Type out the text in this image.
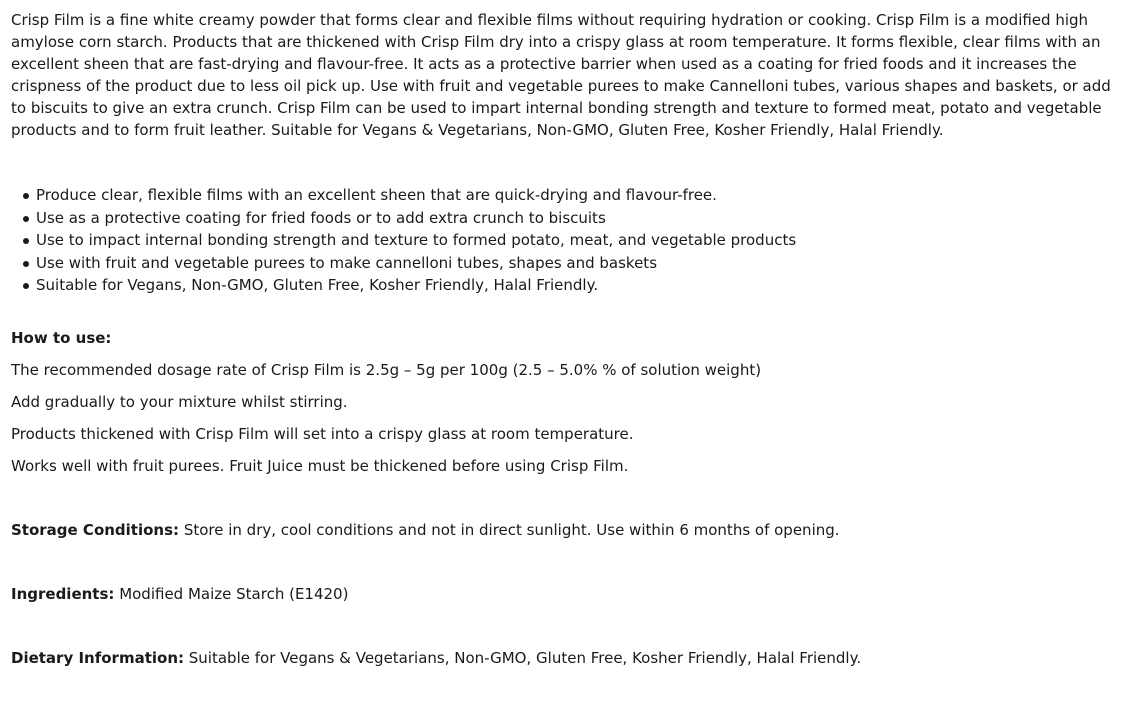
Crisp Film is a fine white creamy powder that forms clear and flexible films without requiring hydration or cooking. Crisp Film is a modified high amylose corn starch. Products that are thickened with Crisp Film dry into a crispy glass at room temperature. It forms flexible, clear films with an excellent sheen that are fast-drying and flavour-free. It acts as a protective barrier when used as a coating for fried foods and it increases the crispness of the product due to less oil pick up. Use with fruit and vegetable purees to make Cannelloni tubes, various shapes and baskets, or add to biscuits to give an extra crunch. Crisp Film can be used to impart internal bonding strength and texture to formed meat, potato and vegetable products and to form fruit leather. Suitable for Vegans & Vegetarians, Non-GMO, Gluten Free, Kosher Friendly, Halal Friendly.

Produce clear, flexible films with an excellent sheen that are quick-drying and flavour-free.
Use as a protective coating for fried foods or to add extra crunch to biscuits
Use to impact internal bonding strength and texture to formed potato, meat, and vegetable products
Use with fruit and vegetable purees to make cannelloni tubes, shapes and baskets
Suitable for Vegans, Non-GMO, Gluten Free, Kosher Friendly, Halal Friendly.

How to use:

The recommended dosage rate of Crisp Film is 2.5g – 5g per 100g (2.5 – 5.0% % of solution weight)

Add gradually to your mixture whilst stirring.

Products thickened with Crisp Film will set into a crispy glass at room temperature.

Works well with fruit purees. Fruit Juice must be thickened before using Crisp Film.

Storage Conditions: Store in dry, cool conditions and not in direct sunlight. Use within 6 months of opening.

Ingredients: Modified Maize Starch (E1420)

Dietary Information: Suitable for Vegans & Vegetarians, Non-GMO, Gluten Free, Kosher Friendly, Halal Friendly.
